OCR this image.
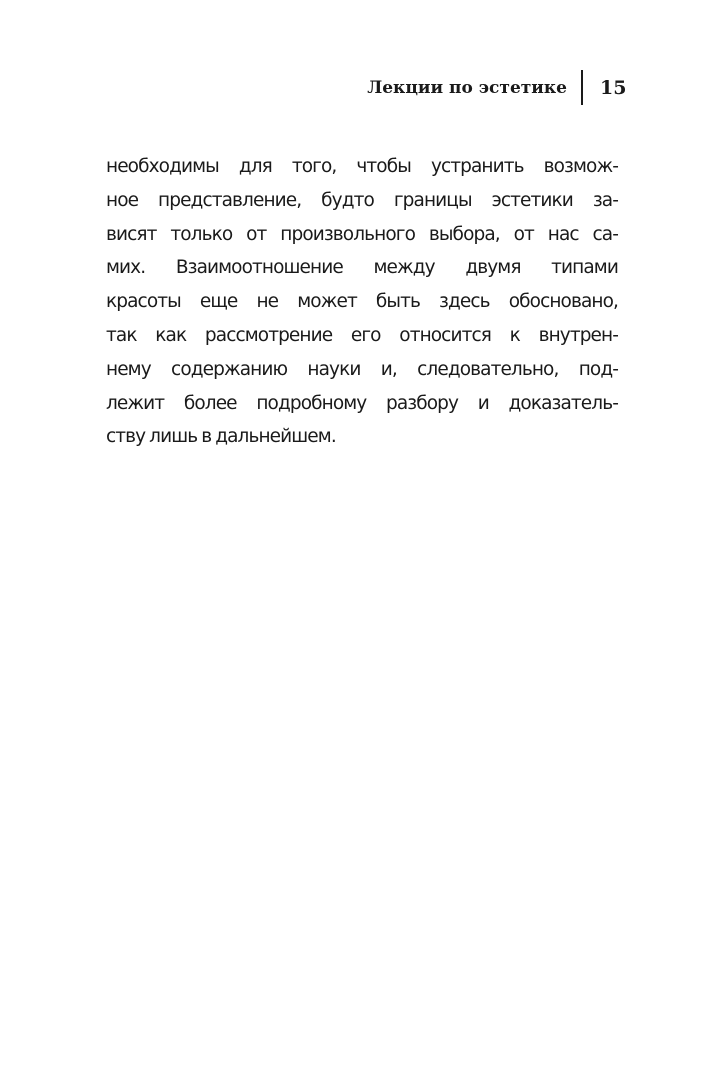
Лекции по эстетике 15
необходимы для того, чтобы устранить возмож-
ное представление, будто границы эстетики за-
висят только от произвольного выбора, от нас са-
мих. Взаимоотношение между двумя типами
красоты еще не может быть здесь обосновано,
так как рассмотрение его относится к внутрен-
нему содержанию науки и, следовательно, под-
лежит более подробному разбору и доказатель-
ству лишь в дальнейшем.
